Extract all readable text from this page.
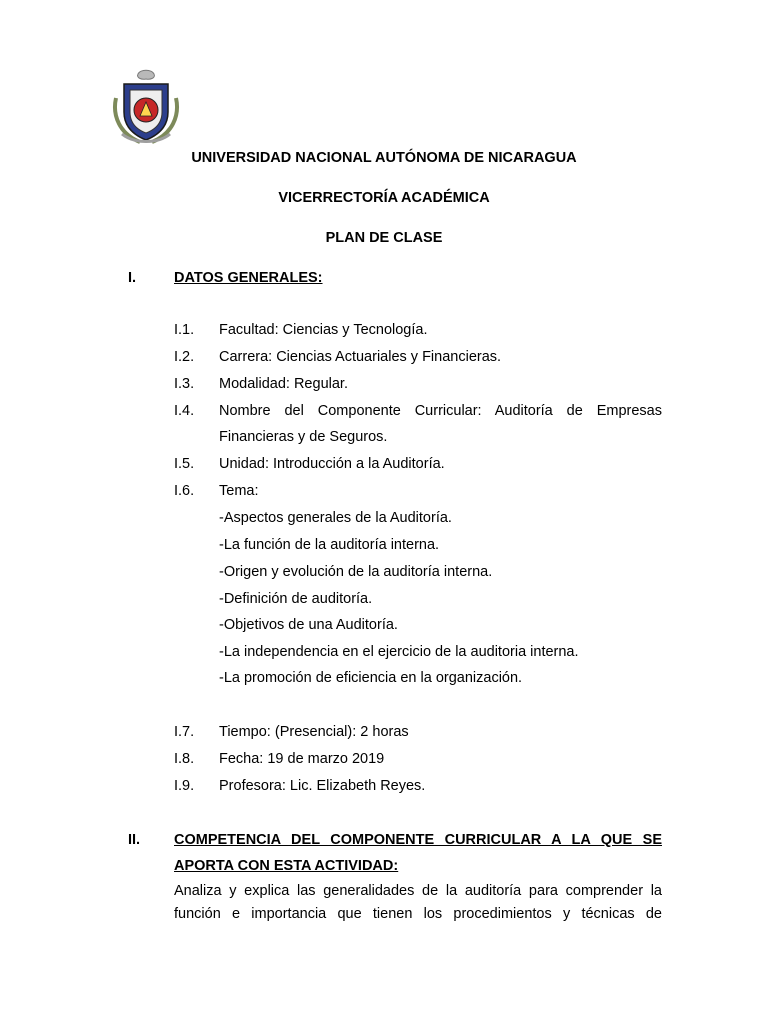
UNIVERSIDAD NACIONAL AUTÓNOMA DE NICARAGUA
VICERRECTORÍA ACADÉMICA
PLAN DE CLASE
I.	DATOS GENERALES:
I.1. Facultad: Ciencias y Tecnología.
I.2. Carrera: Ciencias Actuariales y Financieras.
I.3. Modalidad: Regular.
I.4. Nombre del Componente Curricular: Auditoría de Empresas Financieras y de Seguros.
I.5. Unidad: Introducción a la Auditoría.
I.6. Tema:
-Aspectos generales de la Auditoría.
-La función de la auditoría interna.
-Origen y evolución de la auditoría interna.
-Definición de auditoría.
-Objetivos de una Auditoría.
-La independencia en el ejercicio de la auditoria interna.
-La promoción de eficiencia en la organización.
I.7. Tiempo: (Presencial): 2 horas
I.8. Fecha: 19 de marzo 2019
I.9. Profesora: Lic. Elizabeth Reyes.
II. COMPETENCIA DEL COMPONENTE CURRICULAR A LA QUE SE APORTA CON ESTA ACTIVIDAD:
Analiza y explica las generalidades de la auditoría para comprender la
función e importancia que tienen los procedimientos y técnicas de
